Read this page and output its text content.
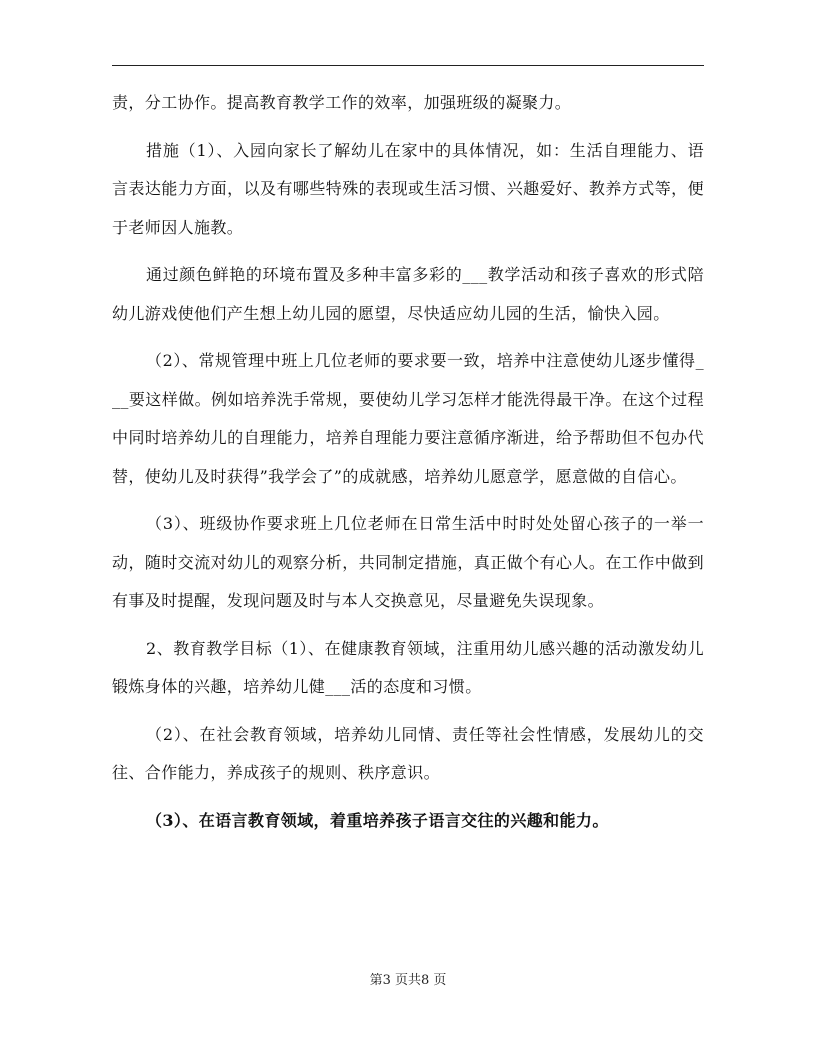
责，分工协作。提高教育教学工作的效率，加强班级的凝聚力。

措施（1）、入园向家长了解幼儿在家中的具体情况，如：生活自理能力、语言表达能力方面，以及有哪些特殊的表现或生活习惯、兴趣爱好、教养方式等，便于老师因人施教。

通过颜色鲜艳的环境布置及多种丰富多彩的___教学活动和孩子喜欢的形式陪幼儿游戏使他们产生想上幼儿园的愿望，尽快适应幼儿园的生活，愉快入园。

（2）、常规管理中班上几位老师的要求要一致，培养中注意使幼儿逐步懂得___要这样做。例如培养洗手常规，要使幼儿学习怎样才能洗得最干净。在这个过程中同时培养幼儿的自理能力，培养自理能力要注意循序渐进，给予帮助但不包办代替，使幼儿及时获得”我学会了”的成就感，培养幼儿愿意学，愿意做的自信心。

（3）、班级协作要求班上几位老师在日常生活中时时处处留心孩子的一举一动，随时交流对幼儿的观察分析，共同制定措施，真正做个有心人。在工作中做到有事及时提醒，发现问题及时与本人交换意见，尽量避免失误现象。

2、教育教学目标（1）、在健康教育领域，注重用幼儿感兴趣的活动激发幼儿锻炼身体的兴趣，培养幼儿健___活的态度和习惯。

（2）、在社会教育领域，培养幼儿同情、责任等社会性情感，发展幼儿的交往、合作能力，养成孩子的规则、秩序意识。

（3）、在语言教育领域，着重培养孩子语言交往的兴趣和能力。

第3 页共8 页
